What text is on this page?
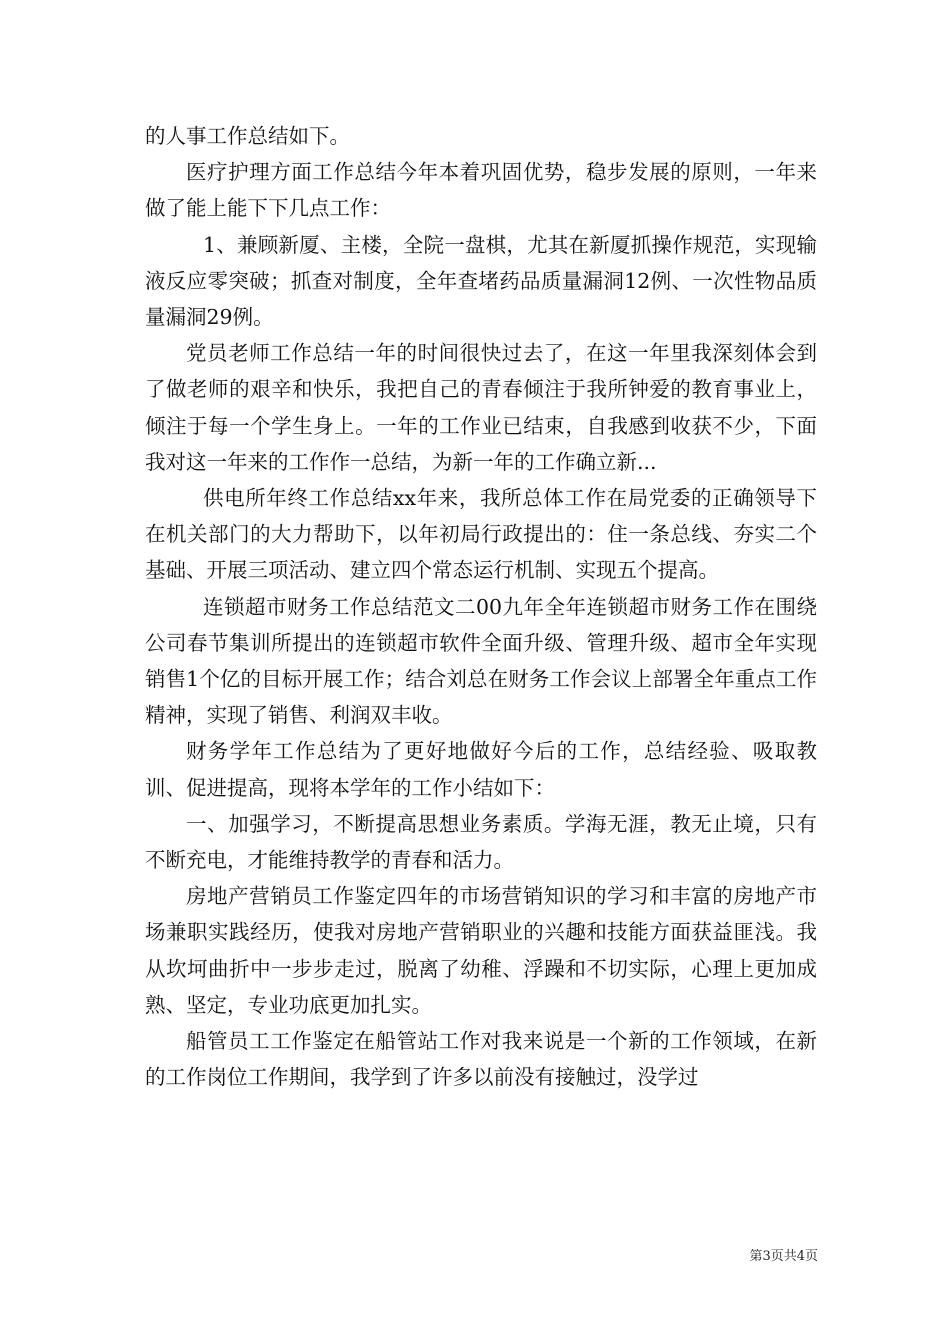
的人事工作总结如下。

医疗护理方面工作总结今年本着巩固优势，稳步发展的原则，一年来做了能上能下下几点工作：

1、兼顾新厦、主楼，全院一盘棋，尤其在新厦抓操作规范，实现输液反应零突破；抓查对制度，全年查堵药品质量漏洞12例、一次性物品质量漏洞29例。

党员老师工作总结一年的时间很快过去了，在这一年里我深刻体会到了做老师的艰辛和快乐，我把自己的青春倾注于我所钟爱的教育事业上，倾注于每一个学生身上。一年的工作业已结束，自我感到收获不少，下面我对这一年来的工作作一总结，为新一年的工作确立新...

供电所年终工作总结xx年来，我所总体工作在局党委的正确领导下在机关部门的大力帮助下，以年初局行政提出的：住一条总线、夯实二个基础、开展三项活动、建立四个常态运行机制、实现五个提高。

连锁超市财务工作总结范文二00九年全年连锁超市财务工作在围绕公司春节集训所提出的连锁超市软件全面升级、管理升级、超市全年实现销售1个亿的目标开展工作；结合刘总在财务工作会议上部署全年重点工作精神，实现了销售、利润双丰收。

财务学年工作总结为了更好地做好今后的工作，总结经验、吸取教训、促进提高，现将本学年的工作小结如下：

一、加强学习，不断提高思想业务素质。学海无涯，教无止境，只有不断充电，才能维持教学的青春和活力。

房地产营销员工作鉴定四年的市场营销知识的学习和丰富的房地产市场兼职实践经历，使我对房地产营销职业的兴趣和技能方面获益匪浅。我从坎坷曲折中一步步走过，脱离了幼稚、浮躁和不切实际，心理上更加成熟、坚定，专业功底更加扎实。

船管员工工作鉴定在船管站工作对我来说是一个新的工作领域，在新的工作岗位工作期间，我学到了许多以前没有接触过，没学过

第3页共4页
